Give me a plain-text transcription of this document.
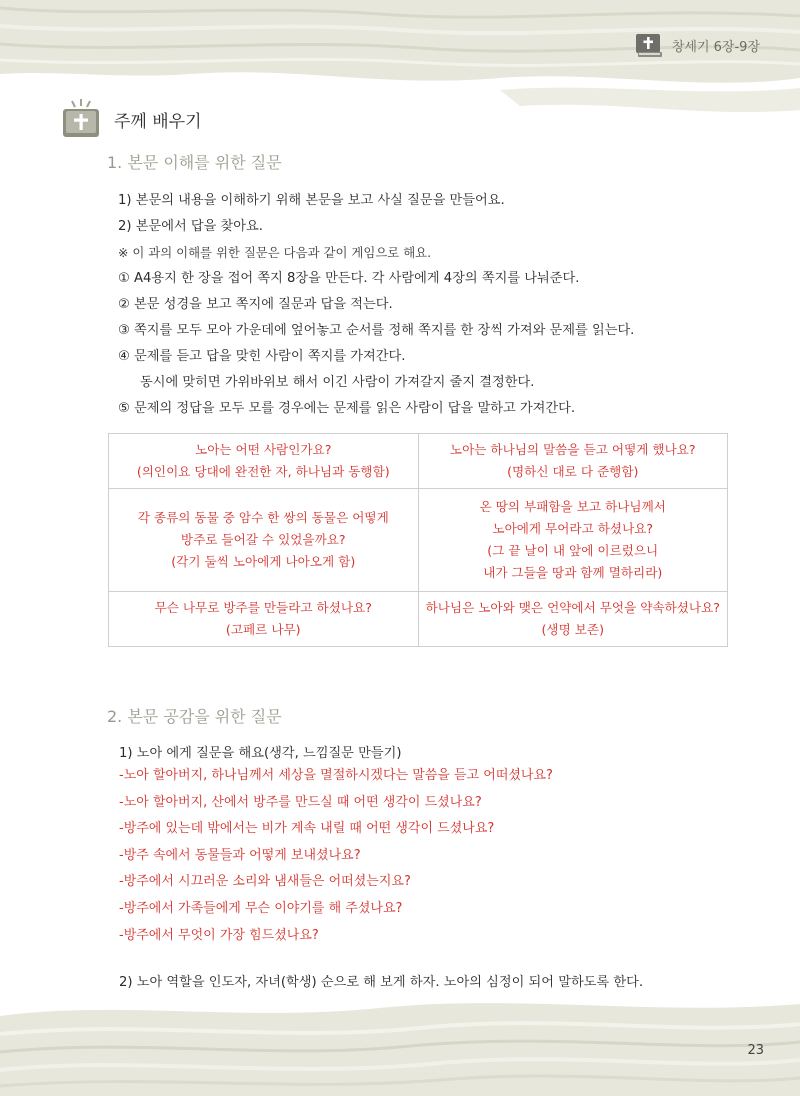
창세기 6장-9장
주께 배우기
1. 본문 이해를 위한 질문
1) 본문의 내용을 이해하기 위해 본문을 보고 사실 질문을 만들어요.
2) 본문에서 답을 찾아요.
※ 이 과의 이해를 위한 질문은 다음과 같이 게임으로 해요.
① A4용지 한 장을 접어 쪽지 8장을 만든다. 각 사람에게 4장의 쪽지를 나눠준다.
② 본문 성경을 보고 쪽지에 질문과 답을 적는다.
③ 쪽지를 모두 모아 가운데에 엎어놓고 순서를 정해 쪽지를 한 장씩 가져와 문제를 읽는다.
④ 문제를 듣고 답을 맞힌 사람이 쪽지를 가져간다.
동시에 맞히면 가위바위보 해서 이긴 사람이 가져갈지 줄지 결정한다.
⑤ 문제의 정답을 모두 모를 경우에는 문제를 읽은 사람이 답을 말하고 가져간다.
노아는 어떤 사람인가요?
(의인이요 당대에 완전한 자, 하나님과 동행함)	노아는 하나님의 말씀을 듣고 어떻게 했나요?
(명하신 대로 다 준행함)

각 종류의 동물 중 암수 한 쌍의 동물은 어떻게
방주로 들어갈 수 있었을까요?
(각기 둘씩 노아에게 나아오게 함)	온 땅의 부패함을 보고 하나님께서
노아에게 무어라고 하셨나요?
(그 끝 날이 내 앞에 이르렀으니
내가 그들을 땅과 함께 멸하리라)

무슨 나무로 방주를 만들라고 하셨나요?
(고페르 나무)	하나님은 노아와 맺은 언약에서 무엇을 약속하셨나요?
(생명 보존)
2. 본문 공감을 위한 질문
1) 노아 에게 질문을 해요(생각, 느낌질문 만들기)
-노아 할아버지, 하나님께서 세상을 멸절하시겠다는 말씀을 듣고 어떠셨나요?
-노아 할아버지, 산에서 방주를 만드실 때 어떤 생각이 드셨나요?
-방주에 있는데 밖에서는 비가 계속 내릴 때 어떤 생각이 드셨나요?
-방주 속에서 동물들과 어떻게 보내셨나요?
-방주에서 시끄러운 소리와 냄새들은 어떠셨는지요?
-방주에서 가족들에게 무슨 이야기를 해 주셨나요?
-방주에서 무엇이 가장 힘드셨나요?
2) 노아 역할을 인도자, 자녀(학생) 순으로 해 보게 하자. 노아의 심정이 되어 말하도록 한다.
23
